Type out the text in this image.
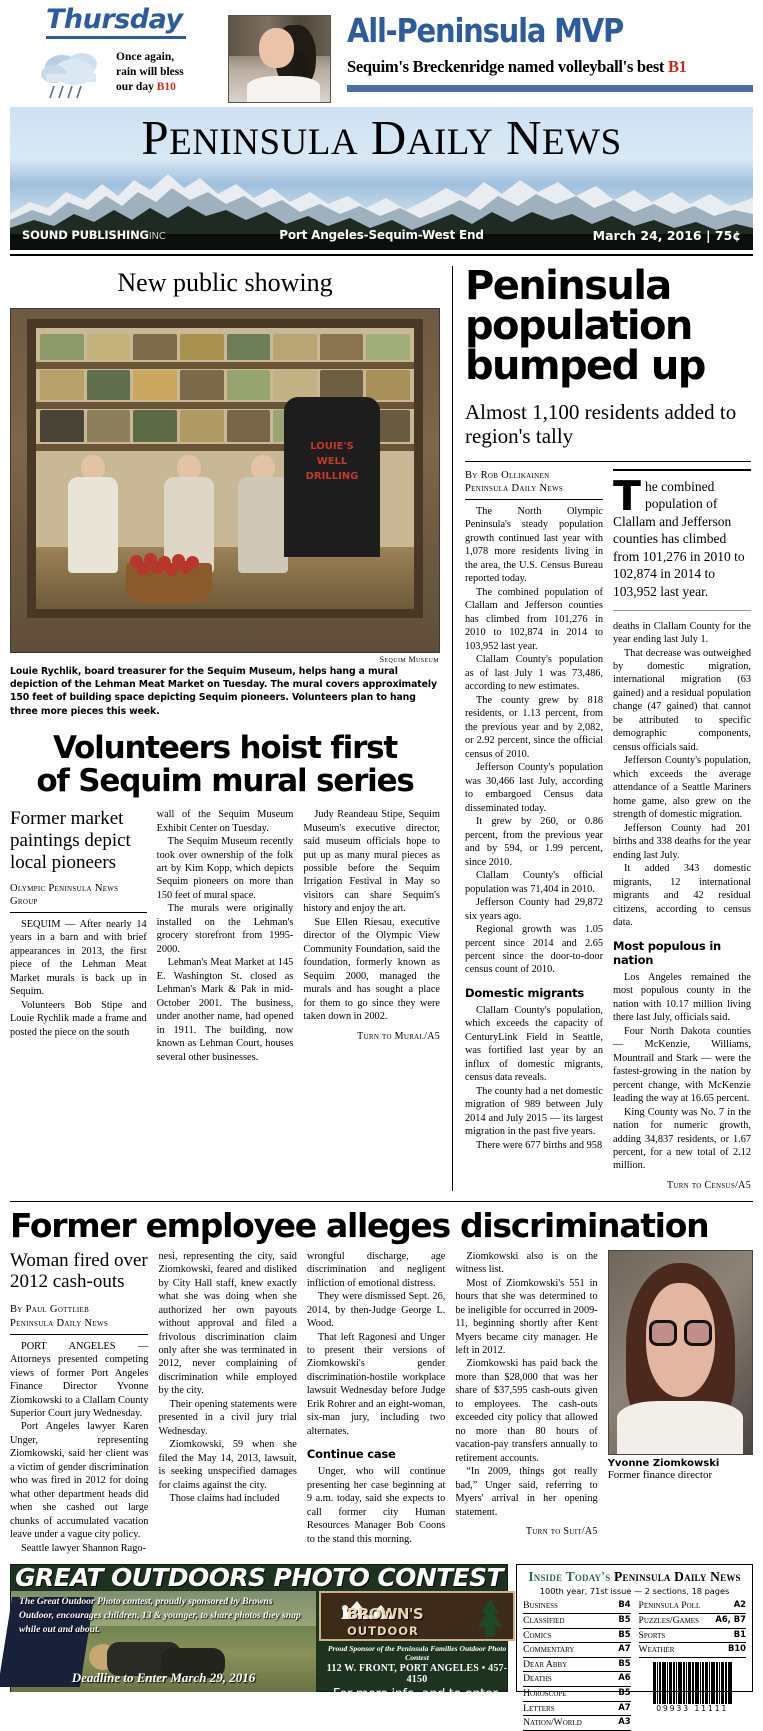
Thursday
Once again,
rain will bless
our day B10
All-Peninsula MVP
Sequim's Breckenridge named volleyball's best B1
PENINSULA DAILY NEWS
SOUND PUBLISHINGINC	Port Angeles-Sequim-West End	March 24, 2016 | 75¢
New public showing
LOUIE'S
WELL
DRILLING
Sequim Museum
Louie Rychlik, board treasurer for the Sequim Museum, helps hang a mural depiction of the Lehman Meat Market on Tuesday. The mural covers approximately 150 feet of building space depicting Sequim pioneers. Volunteers plan to hang three more pieces this week.
Volunteers hoist first
of Sequim mural series
Former market paintings depict local pioneers
Olympic Peninsula News Group

SEQUIM — After nearly 14 years in a barn and with brief appearances in 2013, the first piece of the Lehman Meat Market murals is back up in Sequim.

Volunteers Bob Stipe and Louie Rychlik made a frame and posted the piece on the south

wall of the Sequim Museum Exhibit Center on Tuesday.

The Sequim Museum recently took over ownership of the folk art by Kim Kopp, which depicts Sequim pioneers on more than 150 feet of mural space.

The murals were originally installed on the Lehman's grocery storefront from 1995-2000.

Lehman's Meat Market at 145 E. Washington St. closed as Lehman's Mark & Pak in mid-October 2001. The business, under another name, had opened in 1911. The building, now known as Lehman Court, houses several other businesses.

Judy Reandeau Stipe, Sequim Museum's executive director, said museum officials hope to put up as many mural pieces as possible before the Sequim Irrigation Festival in May so visitors can share Sequim's history and enjoy the art.

Sue Ellen Riesau, executive director of the Olympic View Community Foundation, said the foundation, formerly known as Sequim 2000, managed the murals and has sought a place for them to go since they were taken down in 2002.

Turn to Mural/A5
Peninsula
population
bumped up
Almost 1,100 residents added to region's tally
By Rob Ollikainen
Peninsula Daily News

The North Olympic Peninsula's steady population growth continued last year with 1,078 more residents living in the area, the U.S. Census Bureau reported today.

The combined population of Clallam and Jefferson counties has climbed from 101,276 in 2010 to 102,874 in 2014 to 103,952 last year.

Clallam County's population as of last July 1 was 73,486, according to new estimates.

The county grew by 818 residents, or 1.13 percent, from the previous year and by 2,082, or 2.92 percent, since the official census of 2010.

Jefferson County's population was 30,466 last July, according to embargoed Census data disseminated today.

It grew by 260, or 0.86 percent, from the previous year and by 594, or 1.99 percent, since 2010.

Clallam County's official population was 71,404 in 2010.

Jefferson County had 29,872 six years ago.

Regional growth was 1.05 percent since 2014 and 2.65 percent since the door-to-door census count of 2010.

Domestic migrants

Clallam County's population, which exceeds the capacity of CenturyLink Field in Seattle, was fortified last year by an influx of domestic migrants, census data reveals.

The county had a net domestic migration of 989 between July 2014 and July 2015 — its largest migration in the past five years.

There were 677 births and 958

The combined population of Clallam and Jefferson counties has climbed from 101,276 in 2010 to 102,874 in 2014 to 103,952 last year.

deaths in Clallam County for the year ending last July 1.

That decrease was outweighed by domestic migration, international migration (63 gained) and a residual population change (47 gained) that cannot be attributed to specific demographic components, census officials said.

Jefferson County's population, which exceeds the average attendance of a Seattle Mariners home game, also grew on the strength of domestic migration.

Jefferson County had 201 births and 338 deaths for the year ending last July.

It added 343 domestic migrants, 12 international migrants and 42 residual citizens, according to census data.

Most populous in nation

Los Angeles remained the most populous county in the nation with 10.17 million living there last July, officials said.

Four North Dakota counties — McKenzie, Williams, Mountrail and Stark — were the fastest-growing in the nation by percent change, with McKenzie leading the way at 16.65 percent.

King County was No. 7 in the nation for numeric growth, adding 34,837 residents, or 1.67 percent, for a new total of 2.12 million.

Turn to Census/A5
Former employee alleges discrimination
Woman fired over 2012 cash-outs
By Paul Gottlieb
Peninsula Daily News

PORT ANGELES — Attorneys presented competing views of former Port Angeles Finance Director Yvonne Ziomkowski to a Clallam County Superior Court jury Wednesday.

Port Angeles lawyer Karen Unger, representing Ziomkowski, said her client was a victim of gender discrimination who was fired in 2012 for doing what other department heads did when she cashed out large chunks of accumulated vacation leave under a vague city policy.

Seattle lawyer Shannon Rago-

nesi, representing the city, said Ziomkowski, feared and disliked by City Hall staff, knew exactly what she was doing when she authorized her own payouts without approval and filed a frivolous discrimination claim only after she was terminated in 2012, never complaining of discrimination while employed by the city.

Their opening statements were presented in a civil jury trial Wednesday.

Ziomkowski, 59 when she filed the May 14, 2013, lawsuit, is seeking unspecified damages for claims against the city.

Those claims had included

wrongful discharge, age discrimination and negligent infliction of emotional distress.

They were dismissed Sept. 26, 2014, by then-Judge George L. Wood.

That left Ragonesi and Unger to present their versions of Ziomkowski's gender discrimination-hostile workplace lawsuit Wednesday before Judge Erik Rohrer and an eight-woman, six-man jury, including two alternates.

Continue case

Unger, who will continue presenting her case beginning at 9 a.m. today, said she expects to call former city Human Resources Manager Bob Coons to the stand this morning.

Ziomkowski also is on the witness list.

Most of Ziomkowski's 551 in hours that she was determined to be ineligible for occurred in 2009-11, beginning shortly after Kent Myers became city manager. He left in 2012.

Ziomkowski has paid back the more than $28,000 that was her share of $37,595 cash-outs given to employees. The cash-outs exceeded city policy that allowed no more than 80 hours of vacation-pay transfers annually to retirement accounts.

“In 2009, things got really bad,” Unger said, referring to Myers' arrival in her opening statement.

Turn to Suit/A5
Yvonne Ziomkowski
Former finance director
GREAT OUTDOORS PHOTO CONTEST
The Great Outdoor Photo contest, proudly sponsored by Browns Outdoor, encourages children, 13 & younger, to share photos they snap while out and about.
Deadline to Enter March 29, 2016
BROWN'S
OUTDOOR
Proud Sponsor of the Peninsula Families Outdoor Photo Contest
112 W. FRONT, PORT ANGELES • 457-4150
For more info, and to enter,
visit peninsuladailynews.com
Inside Today's Peninsula Daily News
100th year, 71st issue — 2 sections, 18 pages
Business	B4
Classified	B5
Comics	B5
Commentary	A7
Dear Abby	B5
Deaths	A6
Horoscope	B5
Letters	A7
Nation/World	A3
Peninsula Poll	A2
Puzzles/Games A6, B7
Sports	B1
Weather	B10
09933 11111
